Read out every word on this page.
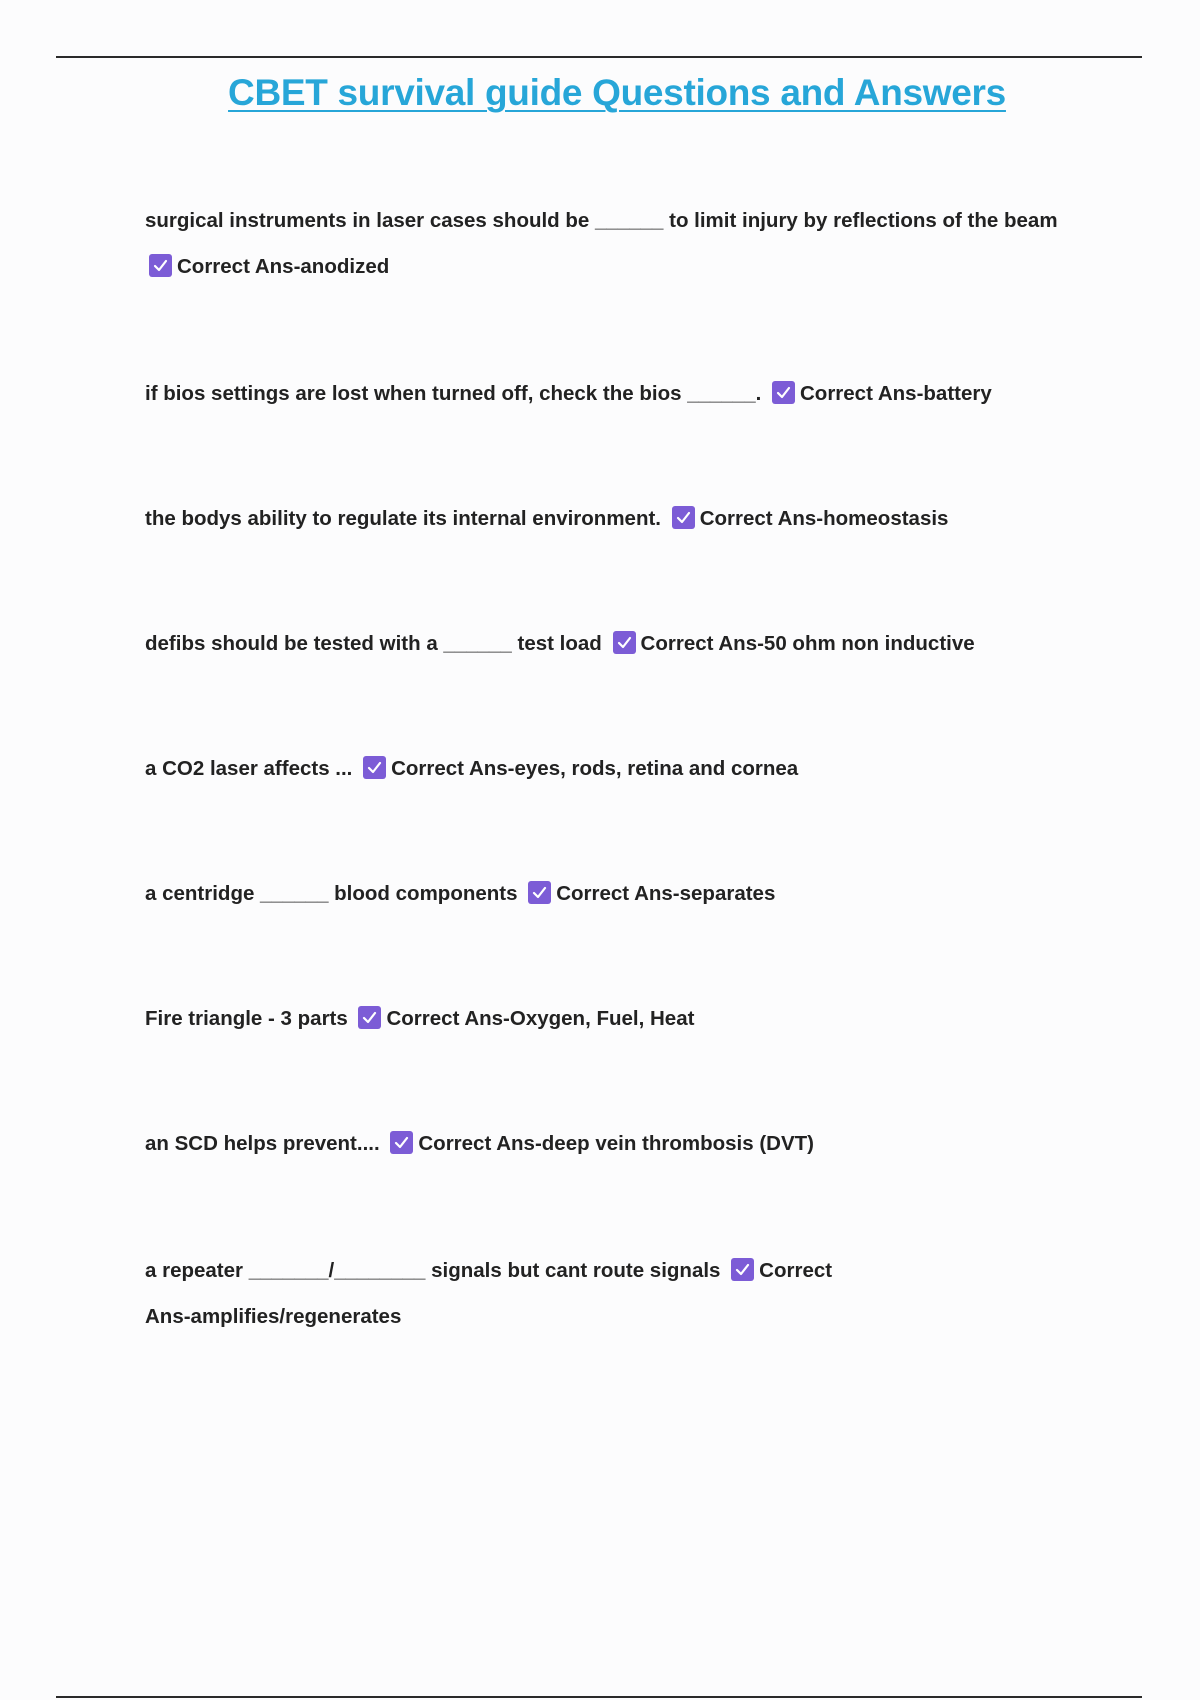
CBET survival guide Questions and Answers
surgical instruments in laser cases should be ______ to limit injury by reflections of the beam

Correct Ans-anodized
if bios settings are lost when turned off, check the bios ______. Correct Ans-battery
the bodys ability to regulate its internal environment. Correct Ans-homeostasis
defibs should be tested with a ______ test load Correct Ans-50 ohm non inductive
a CO2 laser affects ... Correct Ans-eyes, rods, retina and cornea
a centridge ______ blood components Correct Ans-separates
Fire triangle - 3 parts Correct Ans-Oxygen, Fuel, Heat
an SCD helps prevent.... Correct Ans-deep vein thrombosis (DVT)
a repeater _______/________ signals but cant route signals Correct Ans-amplifies/regenerates
